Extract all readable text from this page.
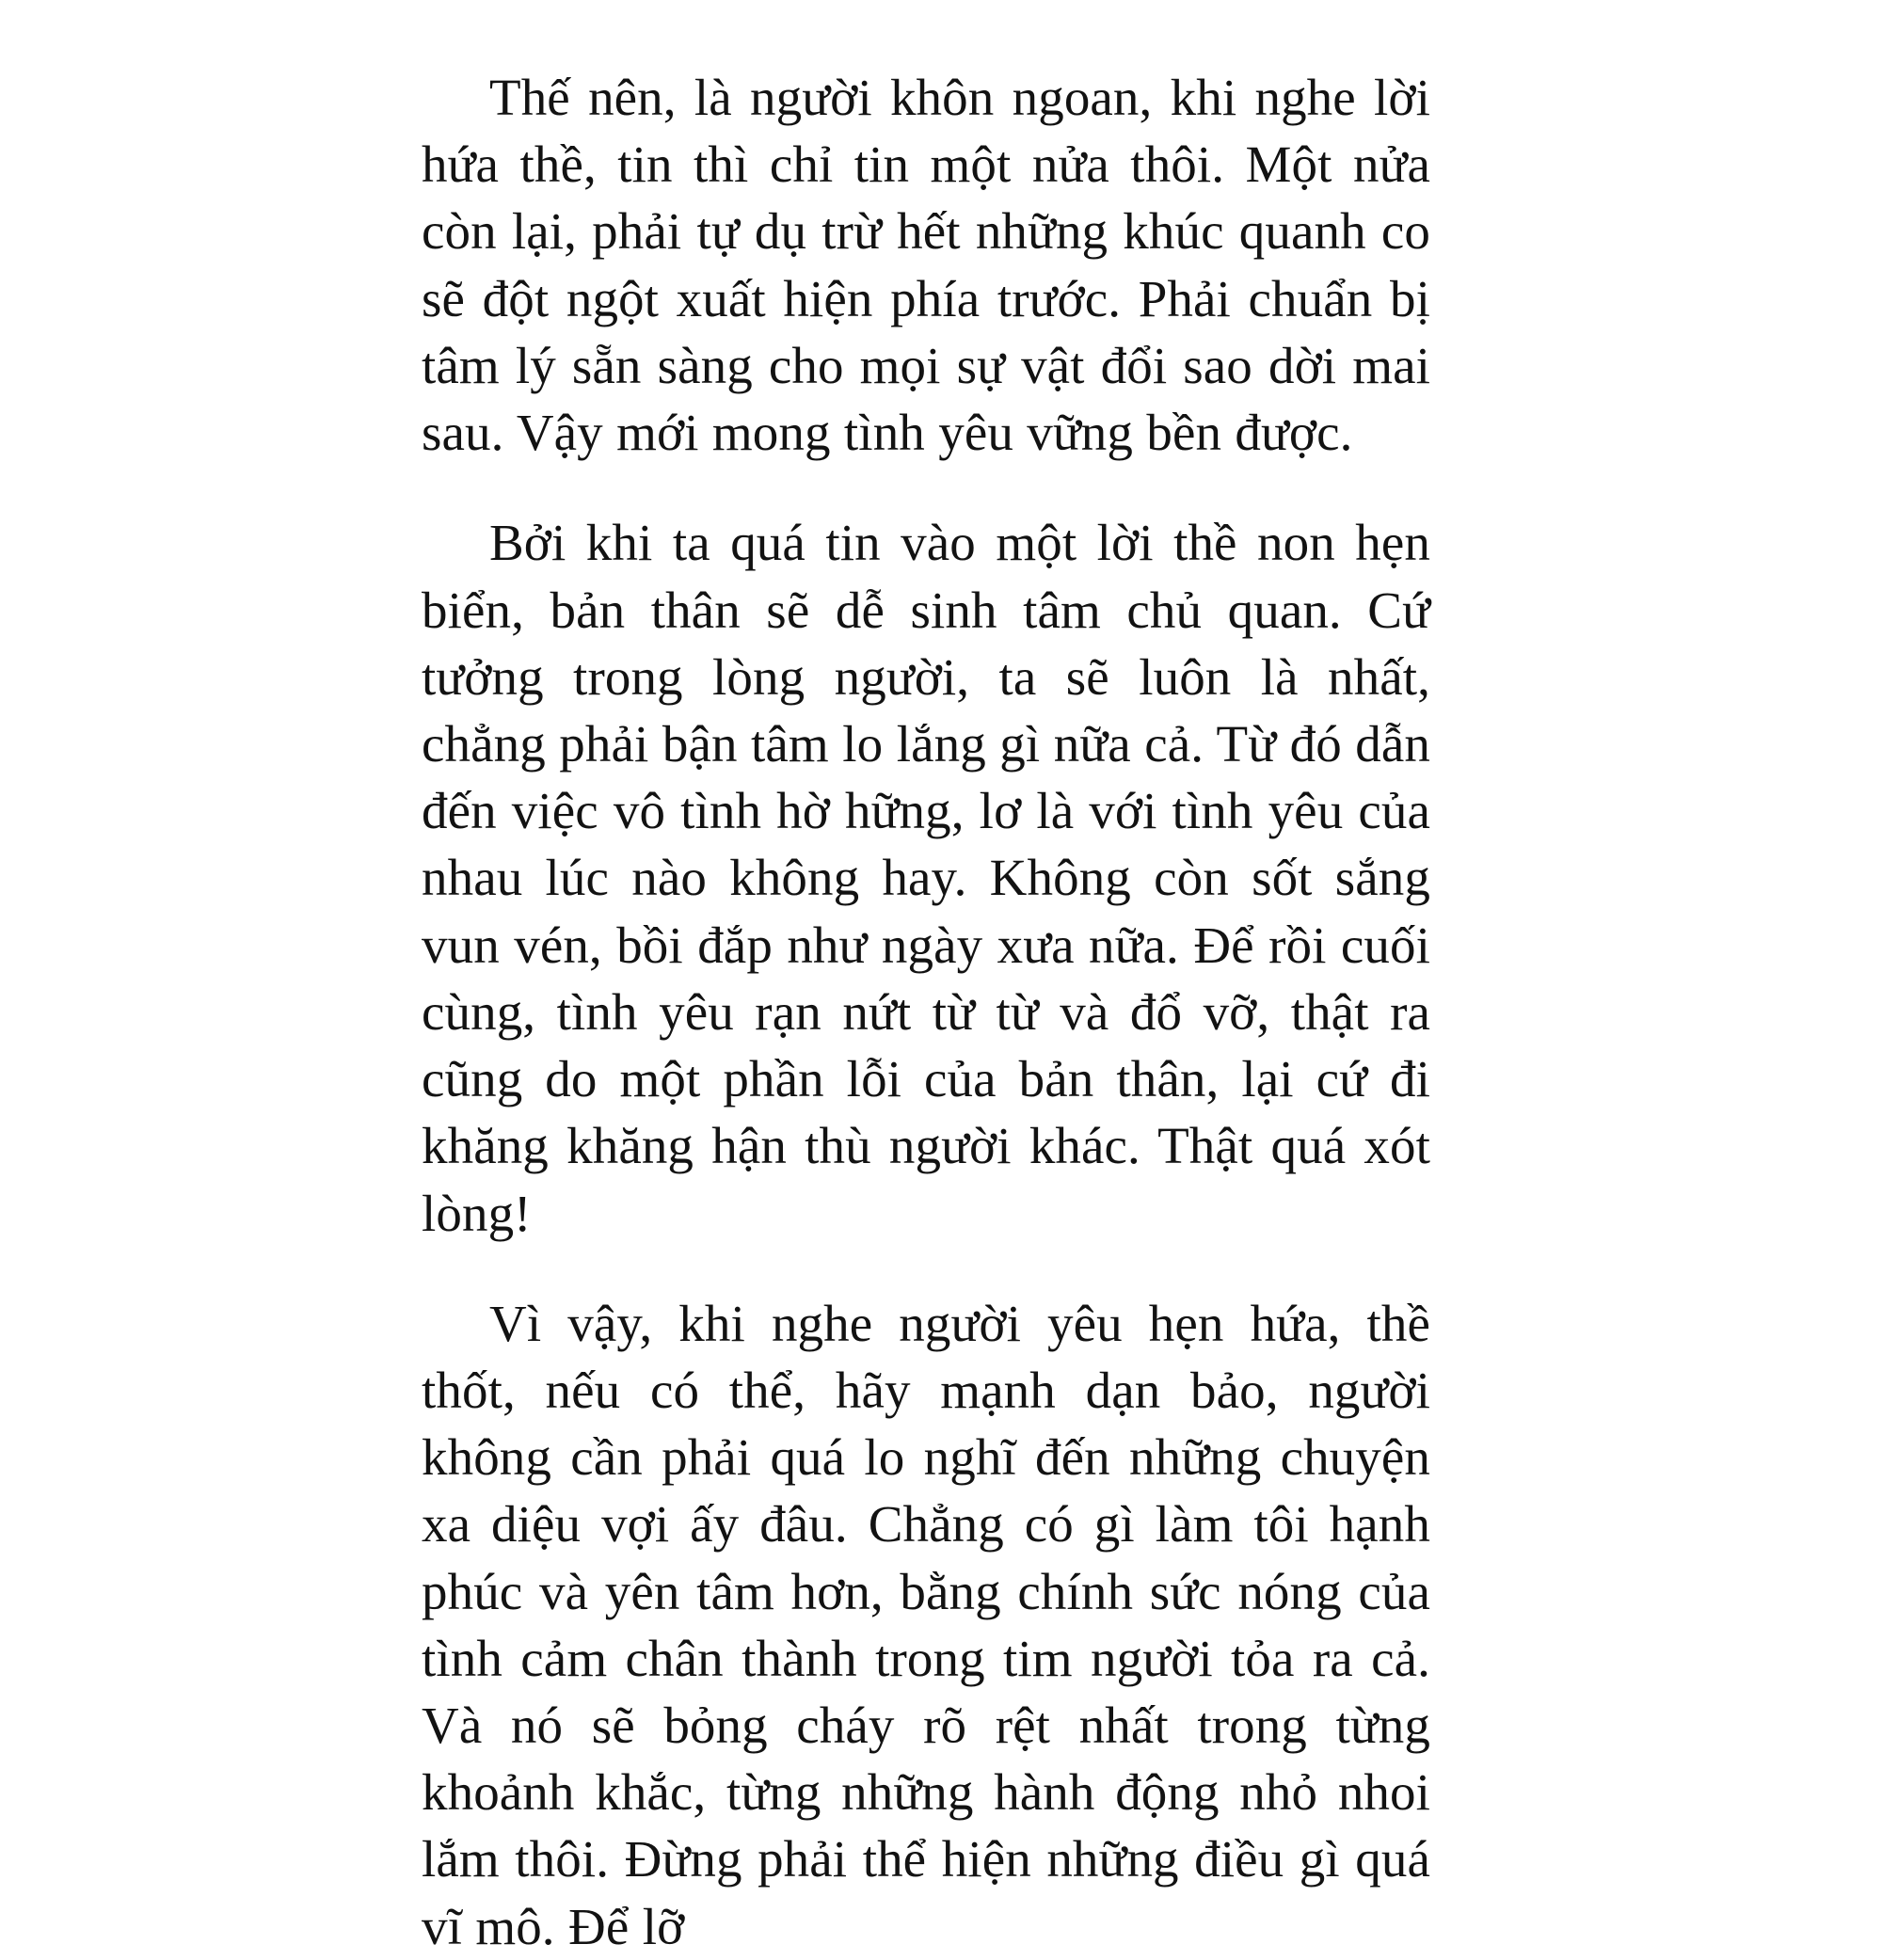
Thế nên, là người khôn ngoan, khi nghe lời hứa thề, tin thì chỉ tin một nửa thôi. Một nửa còn lại, phải tự dụ trừ hết những khúc quanh co sẽ đột ngột xuất hiện phía trước. Phải chuẩn bị tâm lý sẵn sàng cho mọi sự vật đổi sao dời mai sau. Vậy mới mong tình yêu vững bền được.

Bởi khi ta quá tin vào một lời thề non hẹn biển, bản thân sẽ dễ sinh tâm chủ quan. Cứ tưởng trong lòng người, ta sẽ luôn là nhất, chẳng phải bận tâm lo lắng gì nữa cả. Từ đó dẫn đến việc vô tình hờ hững, lơ là với tình yêu của nhau lúc nào không hay. Không còn sốt sắng vun vén, bồi đắp như ngày xưa nữa. Để rồi cuối cùng, tình yêu rạn nứt từ từ và đổ vỡ, thật ra cũng do một phần lỗi của bản thân, lại cứ đi khăng khăng hận thù người khác. Thật quá xót lòng!

Vì vậy, khi nghe người yêu hẹn hứa, thề thốt, nếu có thể, hãy mạnh dạn bảo, người không cần phải quá lo nghĩ đến những chuyện xa diệu vợi ấy đâu. Chẳng có gì làm tôi hạnh phúc và yên tâm hơn, bằng chính sức nóng của tình cảm chân thành trong tim người tỏa ra cả. Và nó sẽ bỏng cháy rõ rệt nhất trong từng khoảnh khắc, từng những hành động nhỏ nhoi lắm thôi. Đừng phải thể hiện những điều gì quá vĩ mô. Để lỡ
